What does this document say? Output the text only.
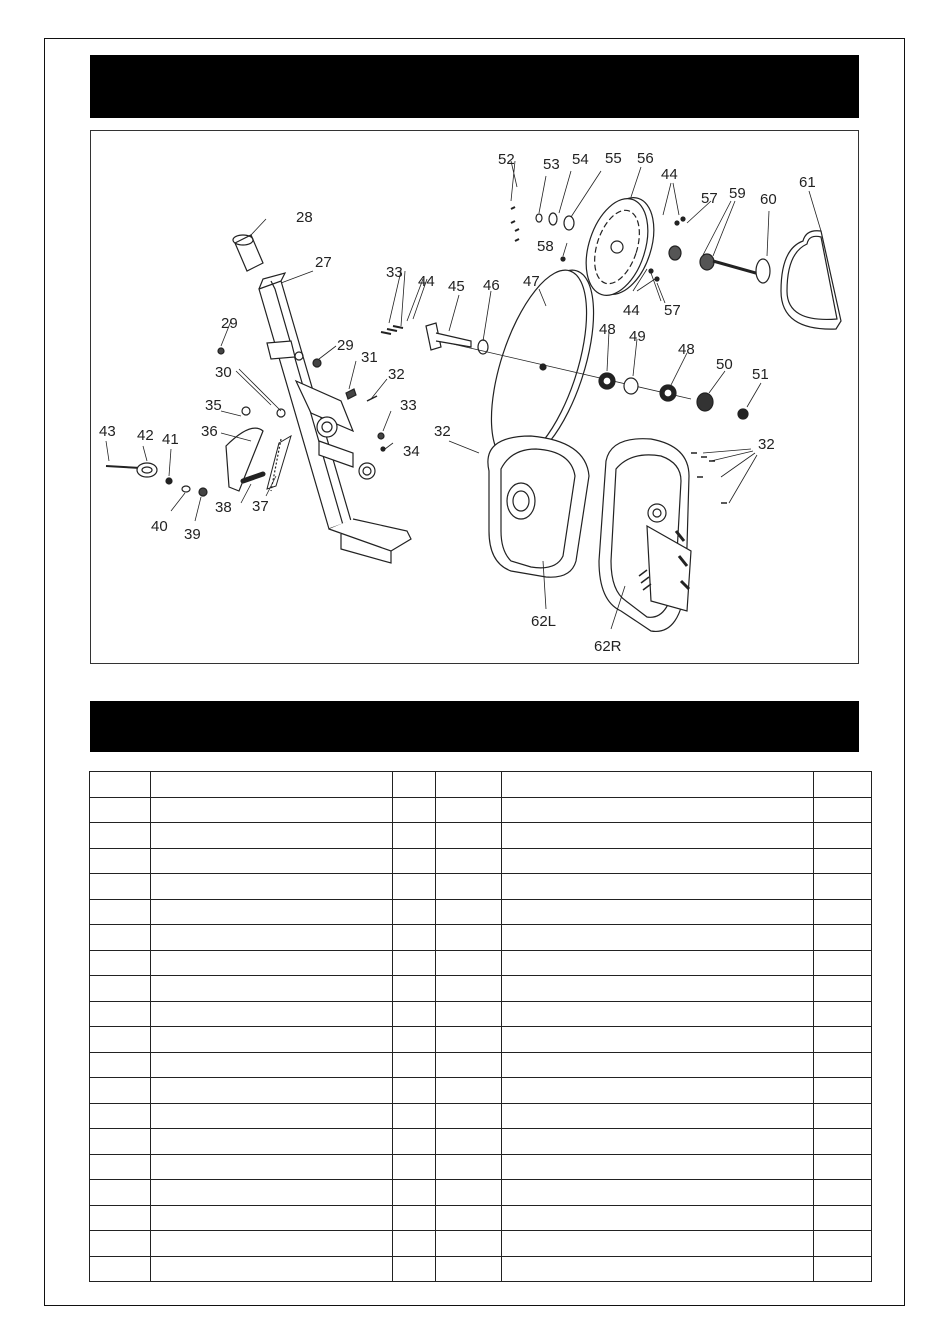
52 53 54 55 56
44
57 59 60
61
28
27
33
44 45 46 47
58
29
29
31
32
30
35	33
36
34
43 42 41
40 39
38 37
48 49
48
50
51
44 57
32
32
62L
62R
